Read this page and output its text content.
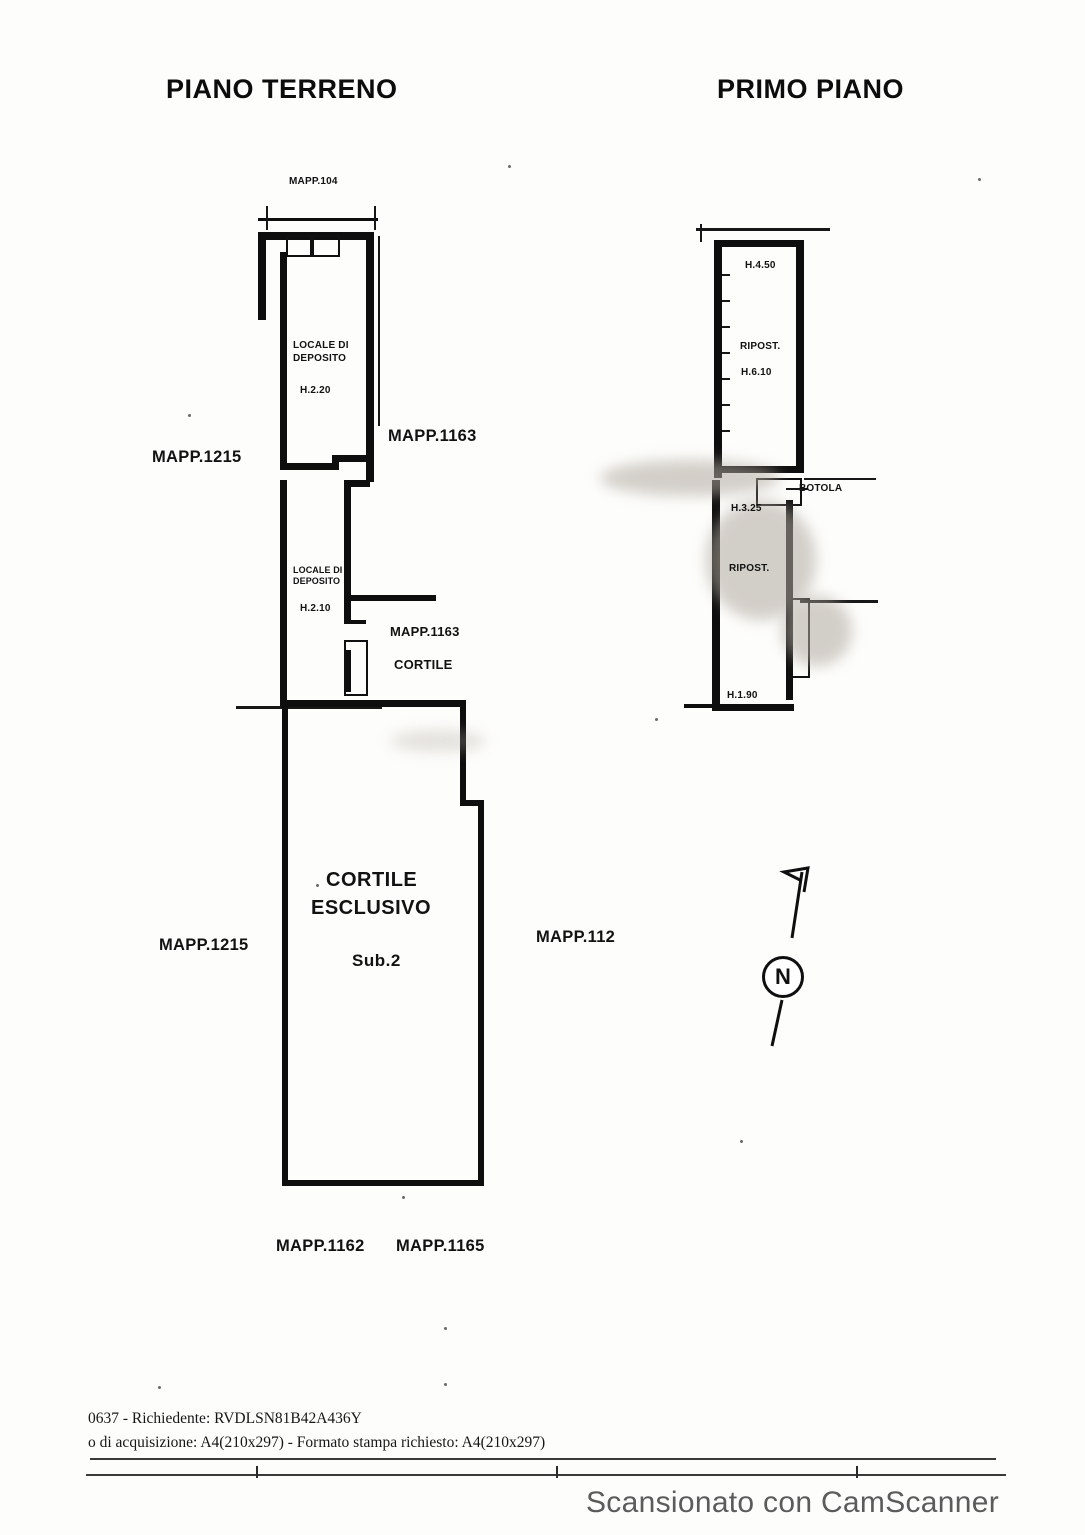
PIANO TERRENO	PRIMO PIANO
MAPP.104
MAPP.1215
MAPP.1163
LOCALE DI
DEPOSITO
H.2.20
LOCALE DI
DEPOSITO
H.2.10
MAPP.1163
CORTILE
CORTILE
ESCLUSIVO
Sub.2
MAPP.1215	MAPP.112
MAPP.1162 MAPP.1165
H.4.50
RIPOST.
H.6.10
BOTOLA
H.3.25
RIPOST.
H.1.90
N
0637 - Richiedente: RVDLSN81B42A436Y
o di acquisizione: A4(210x297) - Formato stampa richiesto: A4(210x297)
Scansionato con CamScanner
